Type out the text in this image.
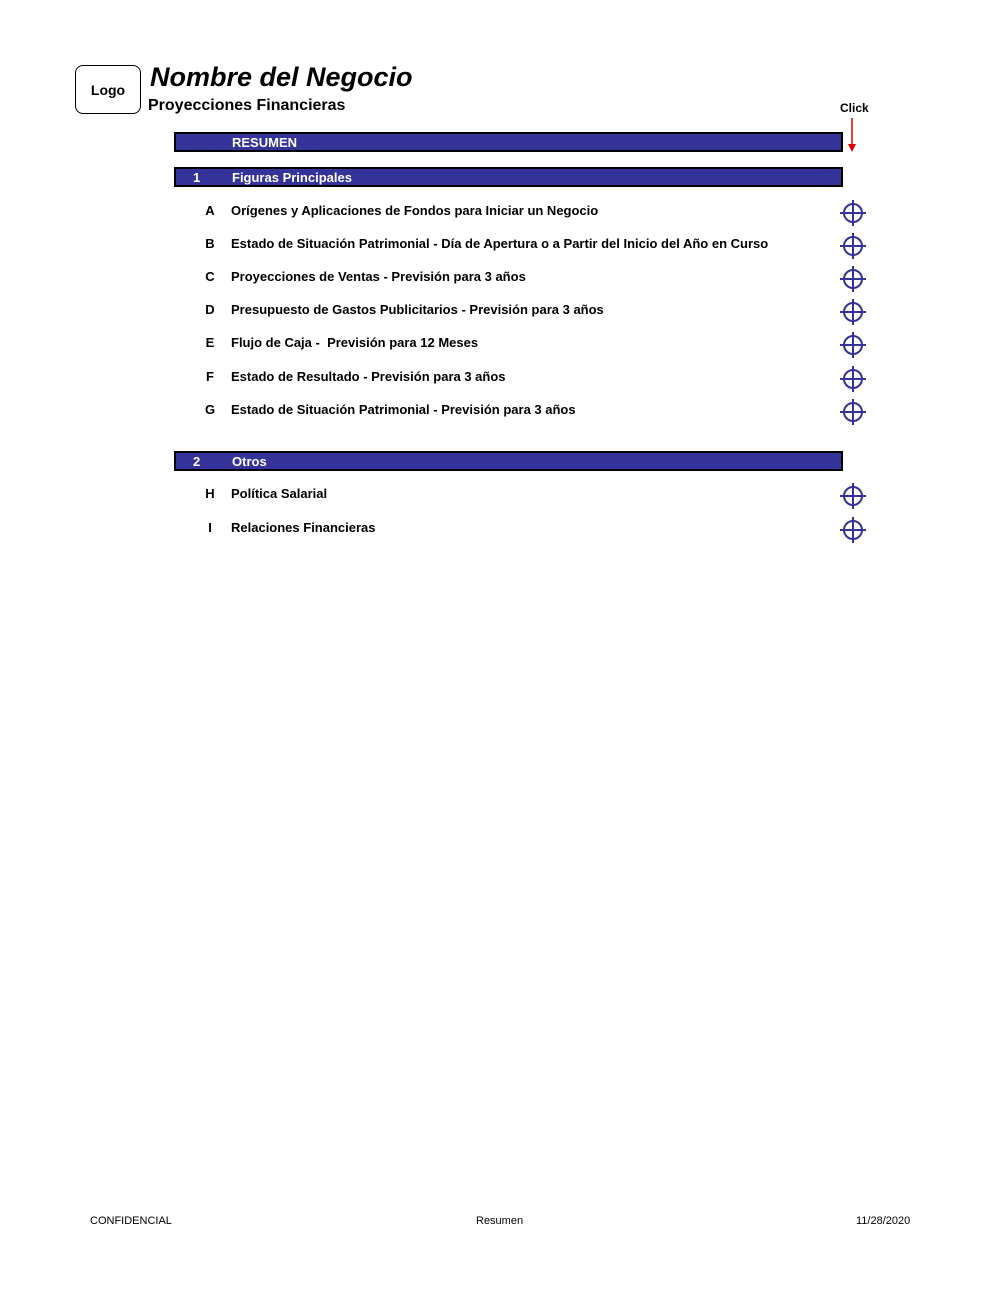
Logo Nombre del Negocio
Proyecciones Financieras	Click
RESUMEN
1 Figuras Principales
A Orígenes y Aplicaciones de Fondos para Iniciar un Negocio
B Estado de Situación Patrimonial - Día de Apertura o a Partir del Inicio del Año en Curso
C Proyecciones de Ventas - Previsión para 3 años
D Presupuesto de Gastos Publicitarios - Previsión para 3 años
E Flujo de Caja -  Previsión para 12 Meses
F	Estado de Resultado - Previsión para 3 años
G Estado de Situación Patrimonial - Previsión para 3 años
2 Otros
H Política Salarial
I	Relaciones Financieras
CONFIDENCIAL	Resumen	11/28/2020
